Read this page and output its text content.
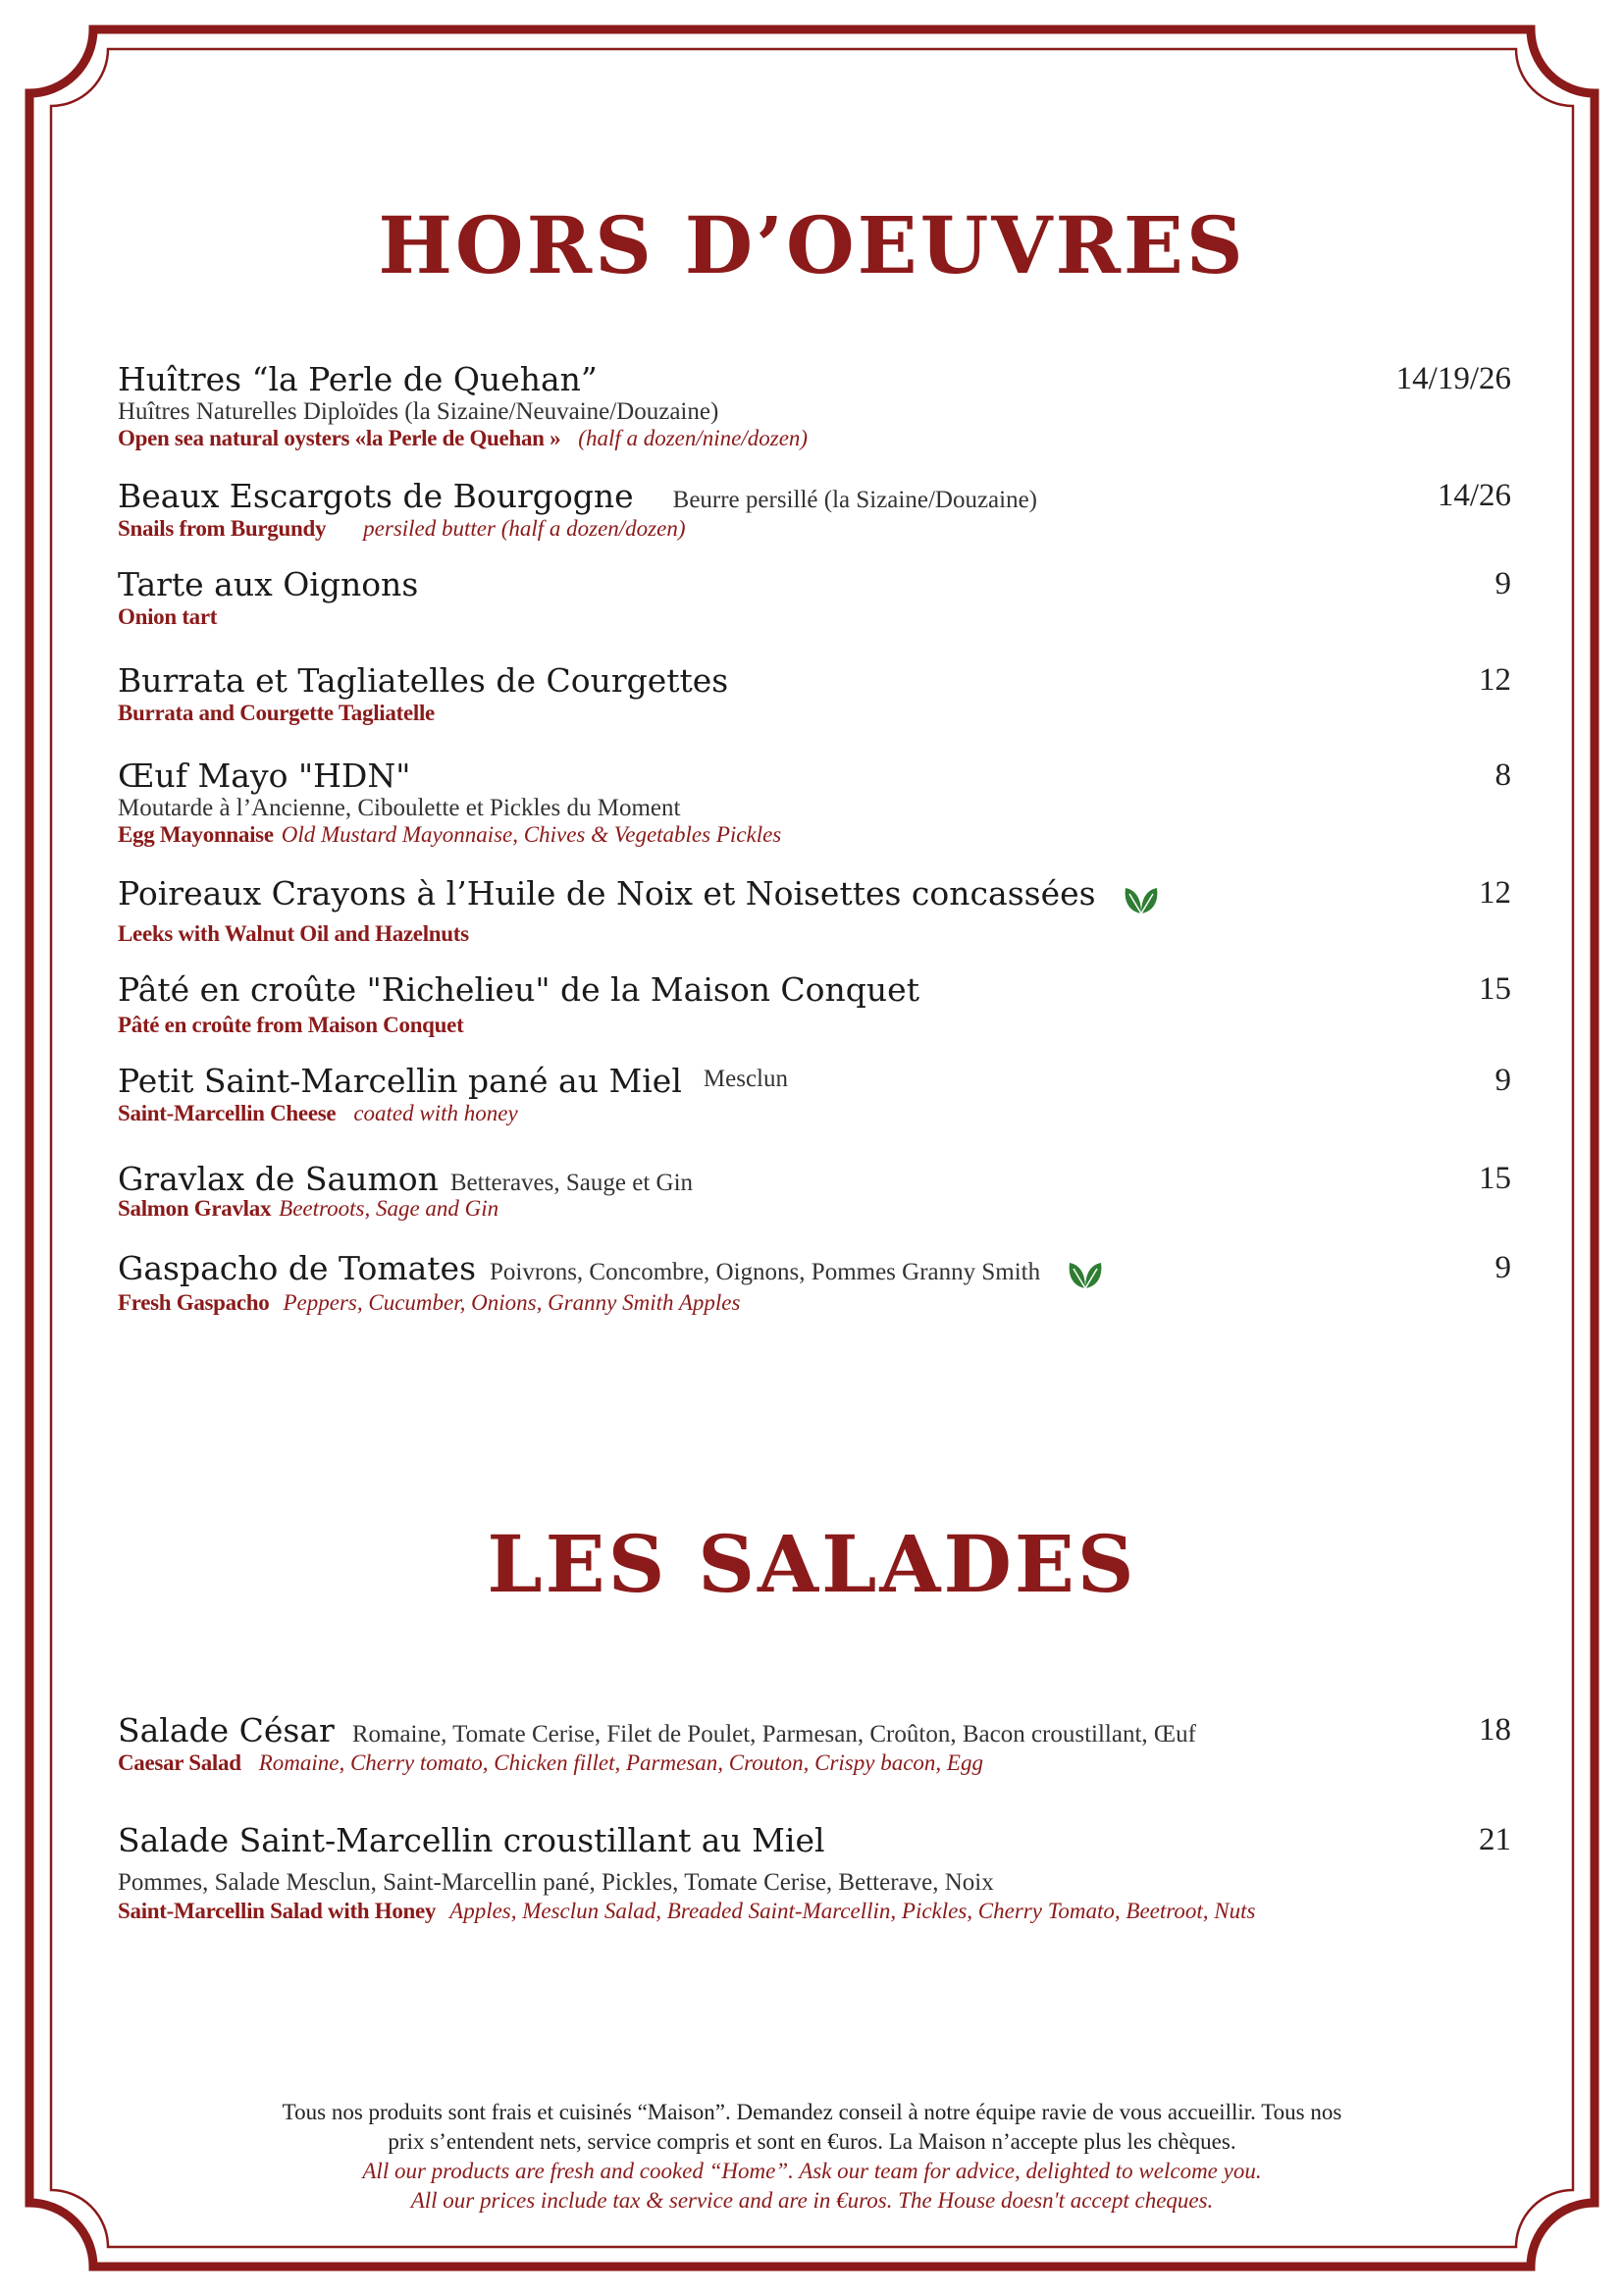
HORS D’OEUVRES
Huîtres “la Perle de Quehan”	14/19/26
Huîtres Naturelles Diploïdes (la Sizaine/Neuvaine/Douzaine)
Open sea natural oysters «la Perle de Quehan » (half a dozen/nine/dozen)
Beaux Escargots de Bourgogne Beurre persillé (la Sizaine/Douzaine)	14/26
Snails from Burgundy persiled butter (half a dozen/dozen)
Tarte aux Oignons	9
Onion tart
Burrata et Tagliatelles de Courgettes	12
Burrata and Courgette Tagliatelle
Œuf Mayo "HDN"	8
Moutarde à l’Ancienne, Ciboulette et Pickles du Moment
Egg Mayonnaise Old Mustard Mayonnaise, Chives & Vegetables Pickles
Poireaux Crayons à l’Huile de Noix et Noisettes concassées	12
Leeks with Walnut Oil and Hazelnuts
Pâté en croûte "Richelieu" de la Maison Conquet	15
Pâté en croûte from Maison Conquet
Petit Saint-Marcellin pané au Miel Mesclun	9
Saint-Marcellin Cheese coated with honey
Gravlax de Saumon Betteraves, Sauge et Gin	15
Salmon Gravlax Beetroots, Sage and Gin
Gaspacho de Tomates Poivrons, Concombre, Oignons, Pommes Granny Smith	9
Fresh Gaspacho Peppers, Cucumber, Onions, Granny Smith Apples
LES SALADES
Salade César Romaine, Tomate Cerise, Filet de Poulet, Parmesan, Croûton, Bacon croustillant, Œuf	18
Caesar Salad Romaine, Cherry tomato, Chicken fillet, Parmesan, Crouton, Crispy bacon, Egg
Salade Saint-Marcellin croustillant au Miel	21
Pommes, Salade Mesclun, Saint-Marcellin pané, Pickles, Tomate Cerise, Betterave, Noix
Saint-Marcellin Salad with Honey Apples, Mesclun Salad, Breaded Saint-Marcellin, Pickles, Cherry Tomato, Beetroot, Nuts
Tous nos produits sont frais et cuisinés “Maison”. Demandez conseil à notre équipe ravie de vous accueillir. Tous nos
prix s’entendent nets, service compris et sont en €uros. La Maison n’accepte plus les chèques.
All our products are fresh and cooked “Home”. Ask our team for advice, delighted to welcome you.
All our prices include tax & service and are in €uros. The House doesn't accept cheques.
